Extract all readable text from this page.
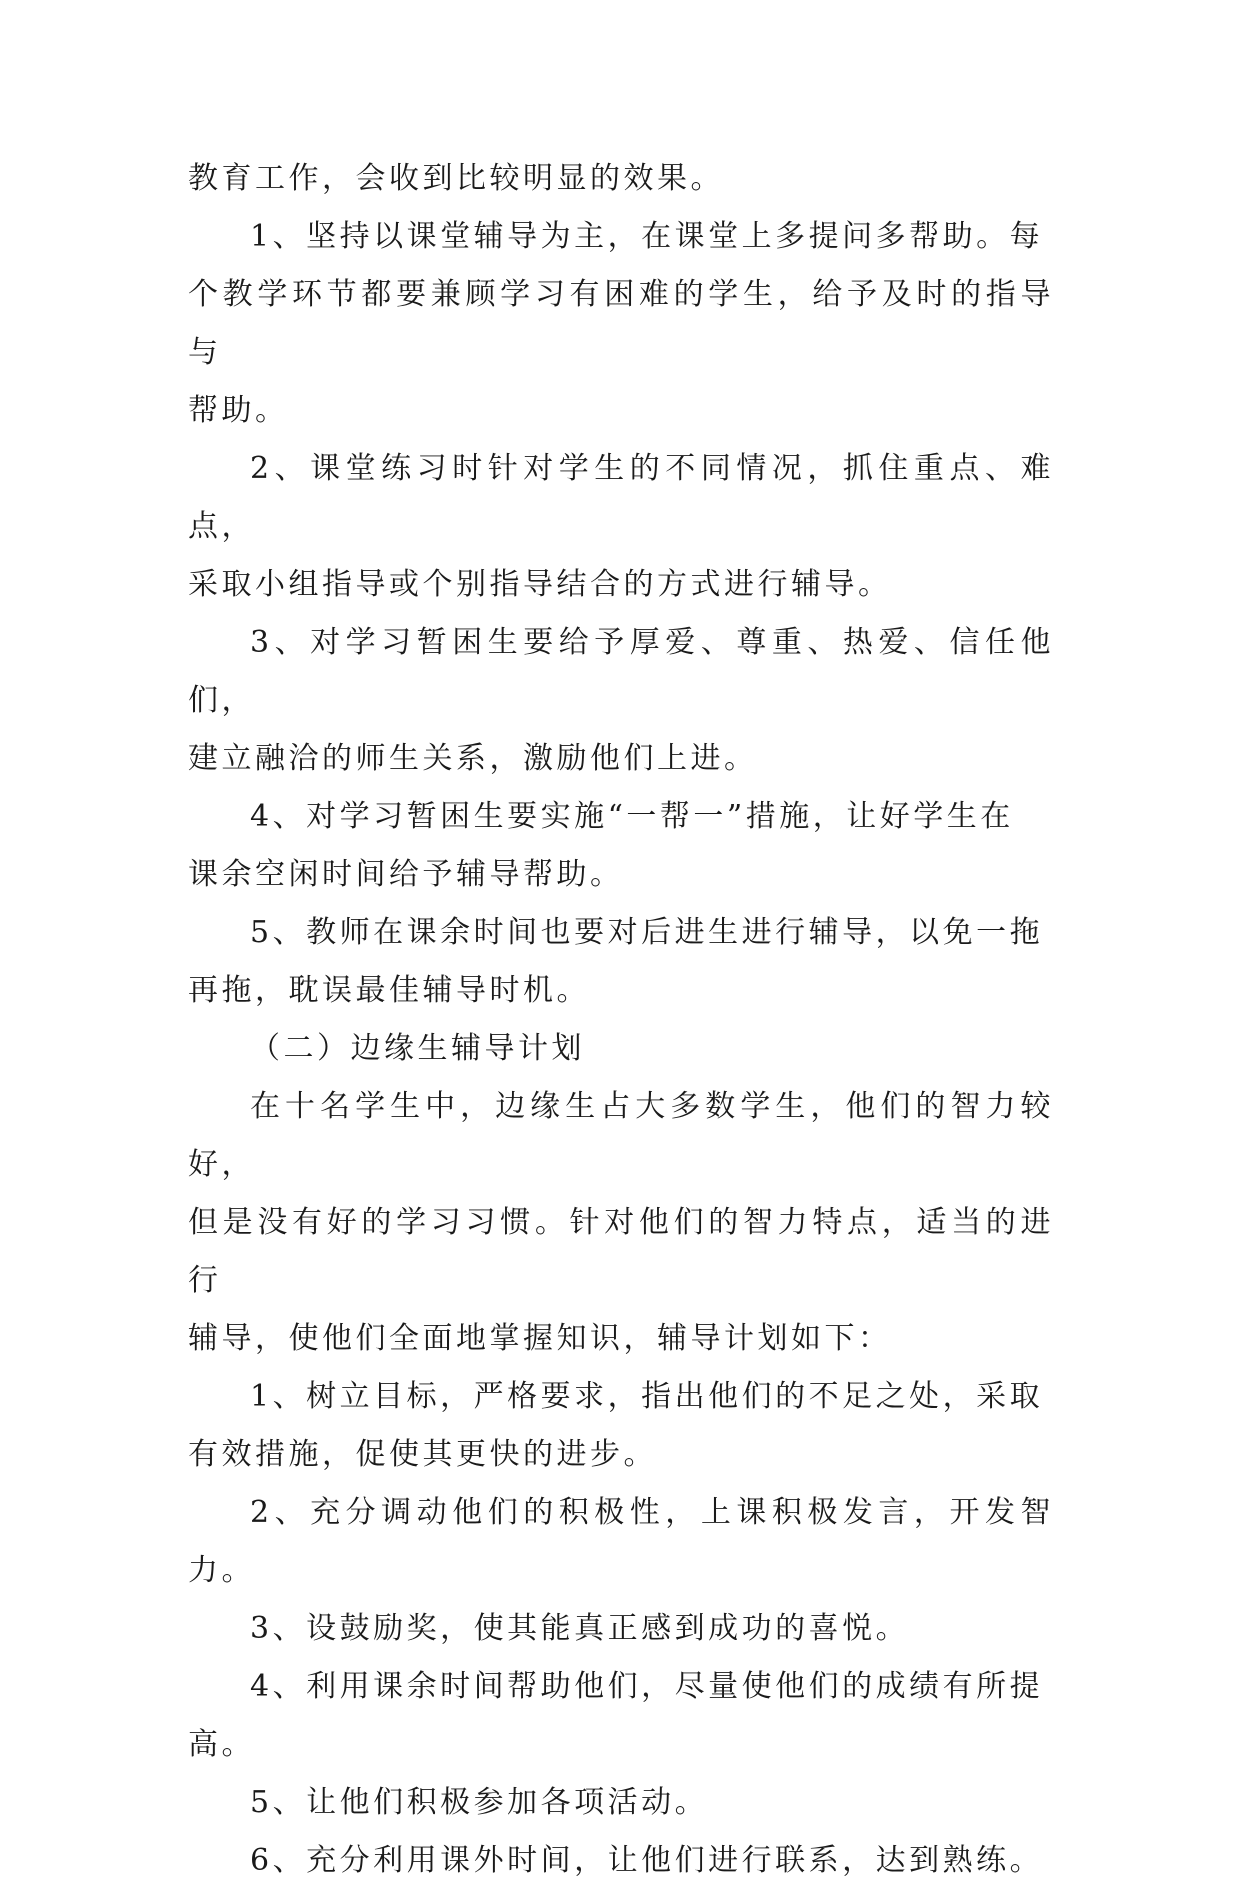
教育工作，会收到比较明显的效果。

1、坚持以课堂辅导为主，在课堂上多提问多帮助。每
个教学环节都要兼顾学习有困难的学生，给予及时的指导与
帮助。

2、课堂练习时针对学生的不同情况，抓住重点、难点，
采取小组指导或个别指导结合的方式进行辅导。

3、对学习暂困生要给予厚爱、尊重、热爱、信任他们，
建立融洽的师生关系，激励他们上进。

4、对学习暂困生要实施“一帮一”措施，让好学生在
课余空闲时间给予辅导帮助。

5、教师在课余时间也要对后进生进行辅导，以免一拖
再拖，耽误最佳辅导时机。

（二）边缘生辅导计划

在十名学生中，边缘生占大多数学生，他们的智力较好，
但是没有好的学习习惯。针对他们的智力特点，适当的进行
辅导，使他们全面地掌握知识，辅导计划如下：

1、树立目标，严格要求，指出他们的不足之处，采取
有效措施，促使其更快的进步。

2、充分调动他们的积极性，上课积极发言，开发智力。

3、设鼓励奖，使其能真正感到成功的喜悦。

4、利用课余时间帮助他们，尽量使他们的成绩有所提
高。

5、让他们积极参加各项活动。

6、充分利用课外时间，让他们进行联系，达到熟练。
